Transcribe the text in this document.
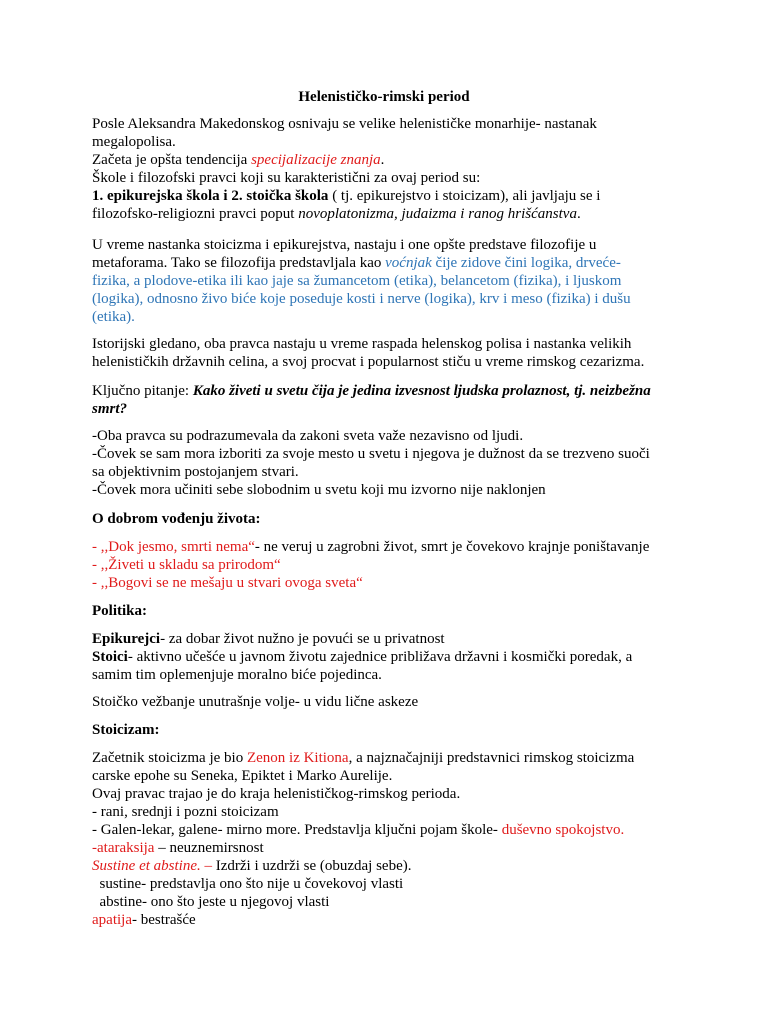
Helenističko-rimski period
Posle Aleksandra Makedonskog osnivaju se velike helenističke monarhije- nastanak
megalopolisa.
Začeta je opšta tendencija specijalizacije znanja.
Škole i filozofski pravci koji su karakteristični za ovaj period su:
1. epikurejska škola i 2. stoička škola ( tj. epikurejstvo i stoicizam), ali javljaju se i
filozofsko-religiozni pravci poput novoplatonizma, judaizma i ranog hrišćanstva.
U vreme nastanka stoicizma i epikurejstva, nastaju i one opšte predstave filozofije u
metaforama. Tako se filozofija predstavljala kao voćnjak čije zidove čini logika, drveće-
fizika, a plodove-etika ili kao jaje sa žumancetom (etika), belancetom (fizika), i ljuskom
(logika), odnosno živo biće koje poseduje kosti i nerve (logika), krv i meso (fizika) i dušu
(etika).
Istorijski gledano, oba pravca nastaju u vreme raspada helenskog polisa i nastanka velikih
helenističkih državnih celina, a svoj procvat i popularnost stiču u vreme rimskog cezarizma.
Ključno pitanje: Kako živeti u svetu čija je jedina izvesnost ljudska prolaznost, tj. neizbežna
smrt?
-Oba pravca su podrazumevala da zakoni sveta važe nezavisno od ljudi.
-Čovek se sam mora izboriti za svoje mesto u svetu i njegova je dužnost da se trezveno suoči
sa objektivnim postojanjem stvari.
-Čovek mora učiniti sebe slobodnim u svetu koji mu izvorno nije naklonjen
O dobrom vođenju života:
- ,,Dok jesmo, smrti nema“- ne veruj u zagrobni život, smrt je čovekovo krajnje poništavanje
- ,,Živeti u skladu sa prirodom“
- ,,Bogovi se ne mešaju u stvari ovoga sveta“
Politika:
Epikurejci- za dobar život nužno je povući se u privatnost
Stoici- aktivno učešće u javnom životu zajednice približava državni i kosmički poredak, a
samim tim oplemenjuje moralno biće pojedinca.
Stoičko vežbanje unutrašnje volje- u vidu lične askeze
Stoicizam:
Začetnik stoicizma je bio Zenon iz Kitiona, a najznačajniji predstavnici rimskog stoicizma
carske epohe su Seneka, Epiktet i Marko Aurelije.
Ovaj pravac trajao je do kraja helenističkog-rimskog perioda.
- rani, srednji i pozni stoicizam
- Galen-lekar, galene- mirno more. Predstavlja ključni pojam škole- duševno spokojstvo.
-ataraksija – neuznemirsnost
Sustine et abstine. – Izdrži i uzdrži se (obuzdaj sebe).
sustine- predstavlja ono što nije u čovekovoj vlasti
abstine- ono što jeste u njegovoj vlasti
apatija- bestrašće
